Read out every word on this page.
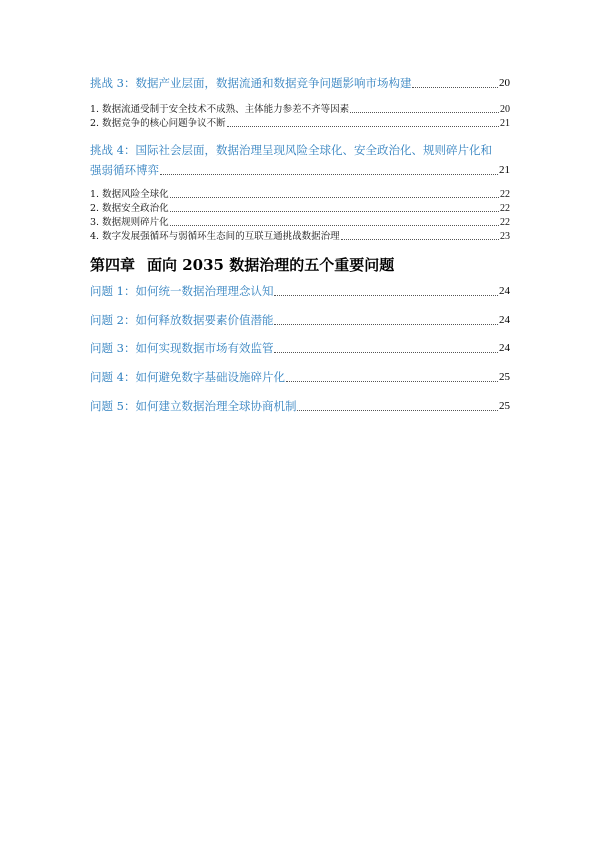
挑战 3：数据产业层面，数据流通和数据竞争问题影响市场构建	20
1. 数据流通受制于安全技术不成熟、主体能力参差不齐等因素	20
2. 数据竞争的核心问题争议不断	21
挑战 4：国际社会层面，数据治理呈现风险全球化、安全政治化、规则碎片化和
强弱循环博弈	21
1. 数据风险全球化	22
2. 数据安全政治化	22
3. 数据规则碎片化	22
4. 数字发展强循环与弱循环生态间的互联互通挑战数据治理	23
第四章 面向 2035 数据治理的五个重要问题
问题 1：如何统一数据治理理念认知	24
问题 2：如何释放数据要素价值潜能	24
问题 3：如何实现数据市场有效监管	24
问题 4：如何避免数字基础设施碎片化	25
问题 5：如何建立数据治理全球协商机制	25
